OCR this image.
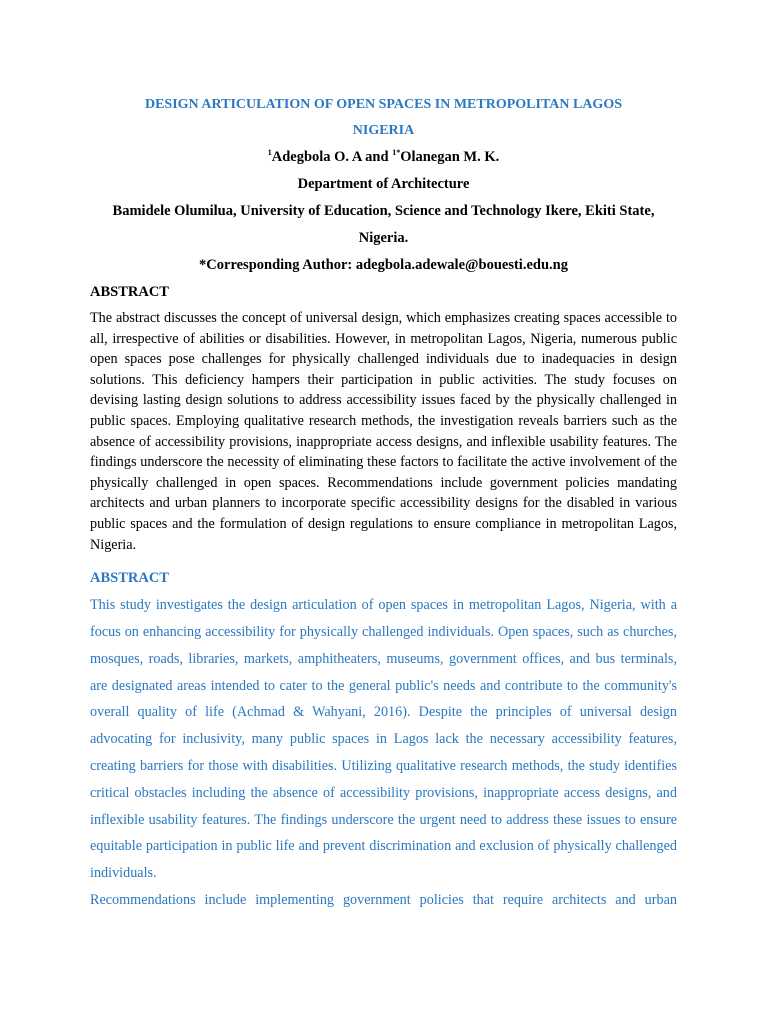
DESIGN ARTICULATION OF OPEN SPACES IN METROPOLITAN LAGOS
NIGERIA

$^1$Adegbola O. A and $^{1*}$Olanegan M. K.

Department of Architecture

Bamidele Olumilua, University of Education, Science and Technology Ikere, Ekiti State,
Nigeria.

*Corresponding Author: adegbola.adewale@bouesti.edu.ng

ABSTRACT

The abstract discusses the concept of universal design, which emphasizes creating spaces accessible to all, irrespective of abilities or disabilities. However, in metropolitan Lagos, Nigeria, numerous public open spaces pose challenges for physically challenged individuals due to inadequacies in design solutions. This deficiency hampers their participation in public activities. The study focuses on devising lasting design solutions to address accessibility issues faced by the physically challenged in public spaces. Employing qualitative research methods, the investigation reveals barriers such as the absence of accessibility provisions, inappropriate access designs, and inflexible usability features. The findings underscore the necessity of eliminating these factors to facilitate the active involvement of the physically challenged in open spaces. Recommendations include government policies mandating architects and urban planners to incorporate specific accessibility designs for the disabled in various public spaces and the formulation of design regulations to ensure compliance in metropolitan Lagos, Nigeria.

ABSTRACT

This study investigates the design articulation of open spaces in metropolitan Lagos, Nigeria, with a focus on enhancing accessibility for physically challenged individuals. Open spaces, such as churches, mosques, roads, libraries, markets, amphitheaters, museums, government offices, and bus terminals, are designated areas intended to cater to the general public's needs and contribute to the community's overall quality of life (Achmad & Wahyani, 2016). Despite the principles of universal design advocating for inclusivity, many public spaces in Lagos lack the necessary accessibility features, creating barriers for those with disabilities. Utilizing qualitative research methods, the study identifies critical obstacles including the absence of accessibility provisions, inappropriate access designs, and inflexible usability features. The findings underscore the urgent need to address these issues to ensure equitable participation in public life and prevent discrimination and exclusion of physically challenged individuals.

Recommendations include implementing government policies that require architects and urban
